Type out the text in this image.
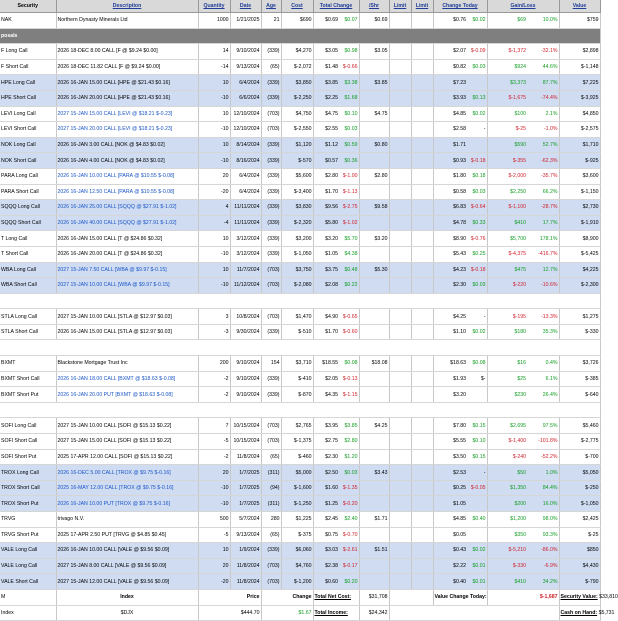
Security	Description	Quantity	Date	Age	Cost	Total Change	/Shr	Limit	Limit	Change Today	Gain/Loss	Value
NAK	Northern Dynasty Minerals Ltd	1000	1/21/2025	21	$690	$0.69 $0.07	$0.69			$0.76 $0.02	$69 10.0%	$759
posals												
F Long Call	2026 18-DEC 8.00 CALL [F @ $9.24 $0.00]	14	9/10/2024	(339)	$4,270	$3.05 $0.98	$3.05			$2.07 $-0.09	$-1,372 -32.1%	$2,898
F Short Call	2026 18-DEC 11.82 CALL [F @ $9.24 $0.00]	-14	9/13/2024	(65)	$-2,072	$1.48 $-0.66				$0.82 $0.03	$924 44.6%	$-1,148
HPE Long Call	2026 16-JAN 15.00 CALL [HPE @ $21.43 $0.16]	10	6/4/2024	(339)	$3,850	$3.85 $3.38	$3.85			$7.23	$3,373 87.7%	$7,225
HPE Short Call	2026 16-JAN 20.00 CALL [HPE @ $21.43 $0.16]	-10	6/6/2024	(339)	$-2,250	$2.25 $1.68				$3.93 $0.13	$-1,675 -74.4%	$-3,925
LEVI Long Call	2027 15-JAN 15.00 CALL [LEVI @ $18.21 $-0.23]	10	12/10/2024	(703)	$4,750	$4.75 $0.10	$4.75			$4.85 $0.02	$100 2.1%	$4,850
LEVI Short Call	2027 15-JAN 20.00 CALL [LEVI @ $18.21 $-0.23]	-10	12/10/2024	(703)	$-2,550	$2.55 $0.03				$2.58 -	$-25 -1.0%	$-2,575
NOK Long Call	2026 16-JAN 3.00 CALL [NOK @ $4.83 $0.02]	10	8/14/2024	(339)	$1,120	$1.12 $0.59	$0.80			$1.71	$590 52.7%	$1,710
NOK Short Call	2026 16-JAN 4.00 CALL [NOK @ $4.83 $0.02]	-10	8/16/2024	(339)	$-570	$0.57 $0.36				$0.93 $-0.18	$-355 -62.3%	$-925
PARA Long Call	2026 16-JAN 10.00 CALL [PARA @ $10.55 $-0.08]	20	6/4/2024	(339)	$5,600	$2.80 $-1.00	$2.80			$1.80 $0.18	$-2,000 -35.7%	$3,600
PARA Short Call	2026 16-JAN 12.50 CALL [PARA @ $10.55 $-0.08]	-20	6/4/2024	(339)	$-3,400	$1.70 $-1.13				$0.58 $0.03	$2,250 66.2%	$-1,150
SQQQ Long Call	2026 16-JAN 25.00 CALL [SQQQ @ $27.91 $-1.02]	4	11/11/2024	(339)	$3,830	$9.56 $-2.75	$9.58			$6.83 $-0.64	$-1,100 -28.7%	$2,730
SQQQ Short Call	2026 16-JAN 40.00 CALL [SQQQ @ $27.91 $-1.02]	-4	11/11/2024	(339)	$-2,320	$5.80 $-1.02				$4.78 $0.33	$410 17.7%	$-1,910
T Long Call	2026 16-JAN 15.00 CALL [T @ $24.86 $0.32]	10	3/12/2024	(339)	$3,200	$3.20 $5.70	$3.20			$8.90 $-0.76	$5,700 178.1%	$8,900
T Short Call	2026 16-JAN 20.00 CALL [T @ $24.86 $0.32]	-10	3/12/2024	(339)	$-1,050	$1.05 $4.38				$5.43 $0.25	$-4,375 -416.7%	$-5,425
WBA Long Call	2027 15-JAN 7.50 CALL [WBA @ $9.97 $-0.15]	10	11/7/2024	(703)	$3,750	$3.75 $0.48	$5.30			$4.23 $-0.18	$475 12.7%	$4,225
WBA Short Call	2027 15-JAN 10.00 CALL [WBA @ $9.97 $-0.15]	-10	11/12/2024	(703)	$-2,080	$2.08 $0.22				$2.30 $0.03	$-220 -10.6%	$-2,300

STLA Long Call	2027 15-JAN 10.00 CALL [STLA @ $12.97 $0.03]	3	10/8/2024	(703)	$1,470	$4.90 $-0.65				$4.25 -	$-195 -13.3%	$1,275
STLA Short Call	2026 16-JAN 15.00 CALL [STLA @ $12.97 $0.03]	-3	9/30/2024	(339)	$-510	$1.70 $-0.60				$1.10 $0.02	$180 35.3%	$-330

BXMT	Blackstone Mortgage Trust Inc	200	9/10/2024	154	$3,710	$18.55 $0.08	$18.08			$18.63 $0.08	$16 0.4%	$3,726
BXMT Short Call	2026 16-JAN 18.00 CALL [BXMT @ $18.63 $-0.08]	-2	9/10/2024	(339)	$-410	$2.05 $-0.13				$1.93 $-	$25 6.1%	$-385
BXMT Short Put	2026 16-JAN 20.00 PUT [BXMT @ $18.63 $-0.08]	-2	9/10/2024	(339)	$-870	$4.35 $-1.15				$3.20	$230 26.4%	$-640

SOFI Long Call	2027 15-JAN 10.00 CALL [SOFI @ $15.13 $0.22]	7	10/15/2024	(703)	$2,765	$3.95 $3.85	$4.25			$7.80 $0.15	$2,695 97.5%	$5,460
SOFI Short Call	2027 15-JAN 15.00 CALL [SOFI @ $15.13 $0.22]	-5	10/15/2024	(703)	$-1,375	$2.75 $2.80				$5.55 $0.10	$-1,400 -101.8%	$-2,775
SOFI Short Put	2025 17-APR 12.00 CALL [SOFI @ $15.13 $0.22]	-2	11/8/2024	(65)	$-460	$2.30 $1.20				$3.50 $0.15	$-240 -52.2%	$-700
TROX Long Call	2026 16-DEC 5.00 CALL [TROX @ $9.75 $-0.16]	20	1/7/2025	(311)	$5,000	$2.50 $0.03	$3.43			$2.53 -	$50 1.0%	$5,050
TROX Short Call	2025 16-MAY 12.00 CALL [TROX @ $9.75 $-0.16]	-10	1/7/2025	(94)	$-1,600	$1.60 $-1.35				$0.25 $-0.05	$1,350 84.4%	$-250
TROX Short Put	2026 16-JAN 10.00 PUT [TROX @ $9.75 $-0.16]	-10	1/7/2025	(311)	$-1,250	$1.25 $-0.20				$1.05	$200 16.0%	$-1,050
TRVG	trivago N.V.	500	5/7/2024	280	$1,225	$2.45 $2.40	$1.71			$4.85 $0.40	$1,200 98.0%	$2,425
TRVG Short Put	2025 17-APR 2.50 PUT [TRVG @ $4.85 $0.45]	-5	9/13/2024	(65)	$-375	$0.75 $-0.70				$0.05	$350 93.3%	$-25
VALE Long Call	2026 16-JAN 10.00 CALL [VALE @ $9.56 $0.09]	10	1/9/2024	(339)	$6,060	$3.03 $-2.61	$1.51			$0.43 $0.02	$-5,210 -86.0%	$850
VALE Long Call	2027 15-JAN 8.00 CALL [VALE @ $9.56 $0.09]	20	11/8/2024	(703)	$4,760	$2.38 $-0.17				$2.22 $0.01	$-330 -6.9%	$4,430
VALE Short Call	2027 15-JAN 12.00 CALL [VALE @ $9.56 $0.09]	-20	11/8/2024	(703)	$-1,200	$0.60 $0.20				$0.40 $0.01	$410 34.2%	$-790
M	Index	Price		Change		Total Net Cost:	$31,708			Value Change Today:	$-1,687	Security Value: $33,810
Index	$DJX	$444.70		$1.67		Total Income:	$24,342					Cash on Hand: $5,731
